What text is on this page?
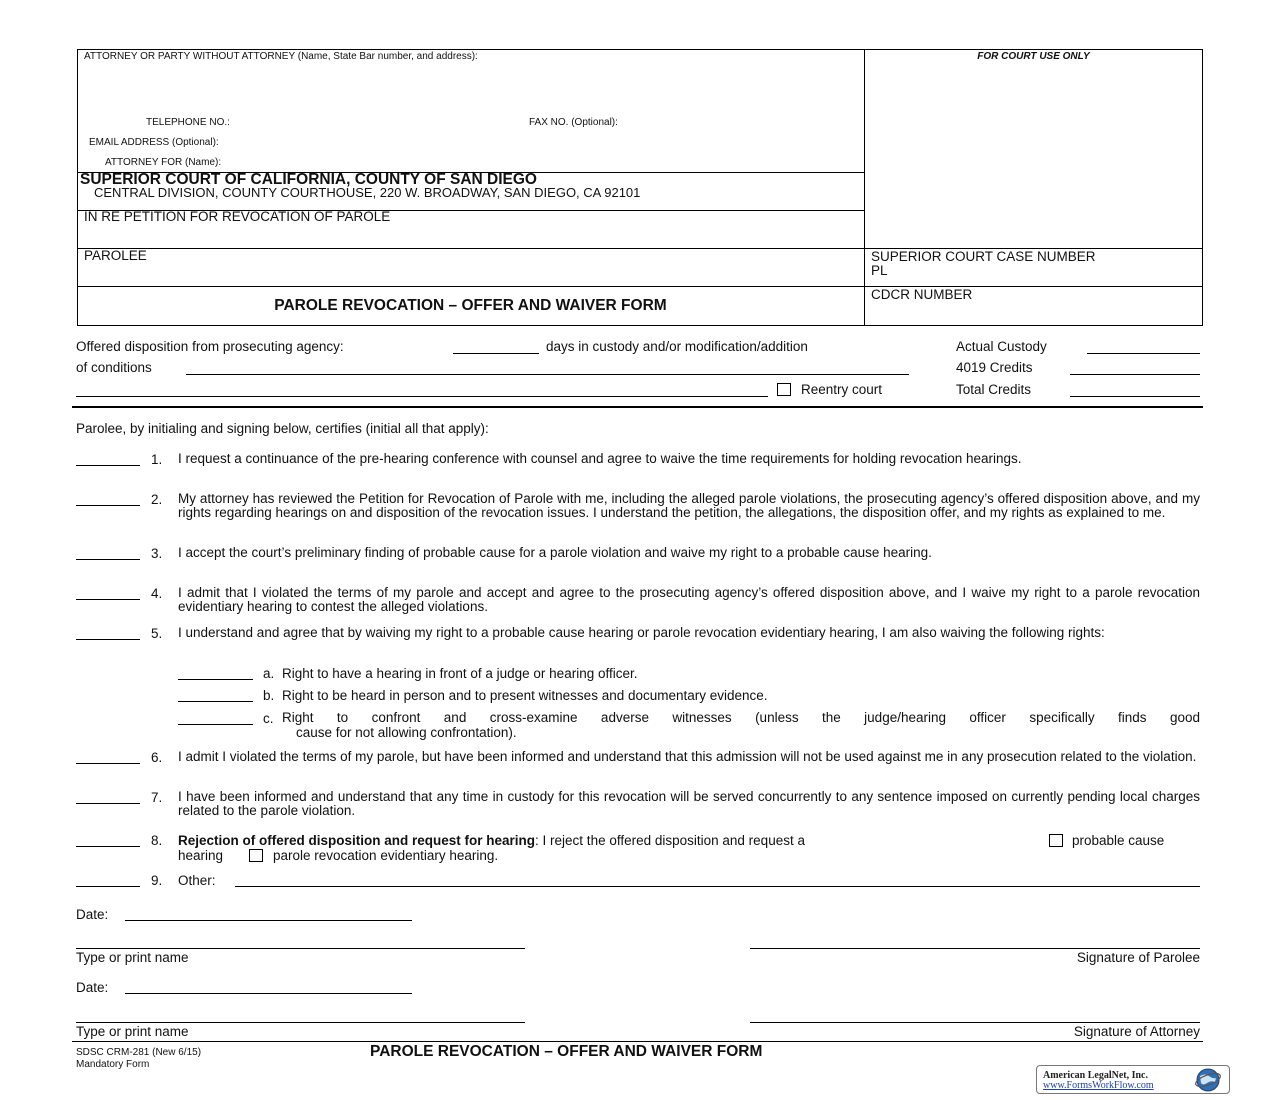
ATTORNEY OR PARTY WITHOUT ATTORNEY (Name, State Bar number, and address):	FOR COURT USE ONLY
TELEPHONE NO.:	FAX NO. (Optional):
EMAIL ADDRESS (Optional):
ATTORNEY FOR (Name):
SUPERIOR COURT OF CALIFORNIA, COUNTY OF SAN DIEGO
CENTRAL DIVISION, COUNTY COURTHOUSE, 220 W. BROADWAY, SAN DIEGO, CA 92101
IN RE PETITION FOR REVOCATION OF PAROLE
PAROLEE	SUPERIOR COURT CASE NUMBER
PL
PAROLE REVOCATION – OFFER AND WAIVER FORM
CDCR NUMBER
Offered disposition from prosecuting agency:	days in custody and/or modification/addition
of conditions
Reentry court
Actual Custody
4019 Credits
Total Credits
Parolee, by initialing and signing below, certifies (initial all that apply):
1. I request a continuance of the pre-hearing conference with counsel and agree to waive the time requirements for holding revocation hearings.
2. My attorney has reviewed the Petition for Revocation of Parole with me, including the alleged parole violations, the prosecuting agency’s offered disposition above, and my rights regarding hearings on and disposition of the revocation issues. I understand the petition, the allegations, the disposition offer, and my rights as explained to me.
3. I accept the court’s preliminary finding of probable cause for a parole violation and waive my right to a probable cause hearing.
4. I admit that I violated the terms of my parole and accept and agree to the prosecuting agency’s offered disposition above, and I waive my right to a parole revocation evidentiary hearing to contest the alleged violations.
5. I understand and agree that by waiving my right to a probable cause hearing or parole revocation evidentiary hearing, I am also waiving the following rights:
a. Right to have a hearing in front of a judge or hearing officer.
b. Right to be heard in person and to present witnesses and documentary evidence.
c. Right to confront and cross-examine adverse witnesses (unless the judge/hearing officer specifically finds good
cause for not allowing confrontation).
6. I admit I violated the terms of my parole, but have been informed and understand that this admission will not be used against me in any prosecution related to the violation.
7. I have been informed and understand that any time in custody for this revocation will be served concurrently to any sentence imposed on currently pending local charges related to the parole violation.
8. Rejection of offered disposition and request for hearing: I reject the offered disposition and request a	probable cause
hearing	parole revocation evidentiary hearing.
9. Other:
Date:
Type or print name	Signature of Parolee
Date:
Type or print name	Signature of Attorney
SDSC CRM-281 (New 6/15)
Mandatory Form
PAROLE REVOCATION – OFFER AND WAIVER FORM
American LegalNet, Inc.
www.FormsWorkFlow.com
